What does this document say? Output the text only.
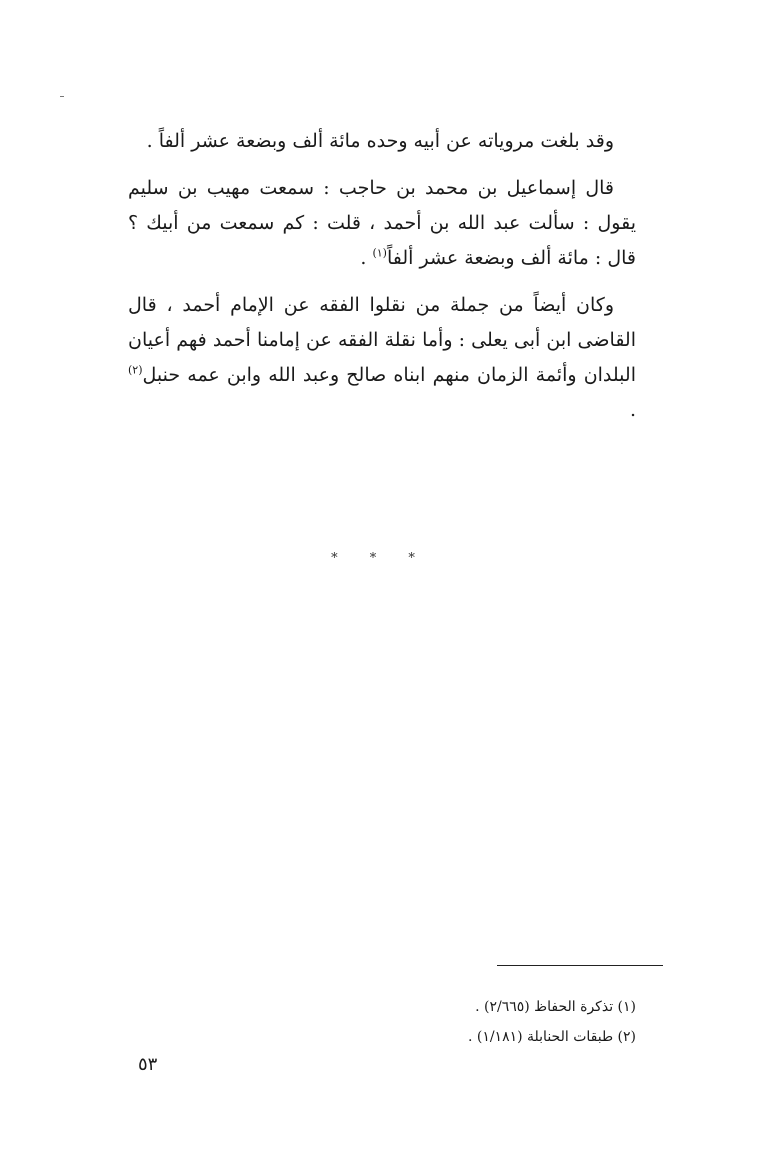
وقد بلغت مروياته عن أبيه وحده مائة ألف وبضعة عشر ألفاً .

قال إسماعيل بن محمد بن حاجب : سمعت مهيب بن سليم يقول : سألت عبد الله بن أحمد ، قلت : كم سمعت من أبيك ؟ قال : مائة ألف وبضعة عشر ألفاً$^{(١)}$ .

وكان أيضاً من جملة من نقلوا الفقه عن الإمام أحمد ، قال القاضى ابن أبى يعلى : وأما نقلة الفقه عن إمامنا أحمد فهم أعيان البلدان وأئمة الزمان منهم ابناه صالح وعبد الله وابن عمه حنبل$^{(٢)}$ .

* * *
(١) تذكرة الحفاظ (٢/٦٦٥) .
(٢) طبقات الحنابلة (١/١٨١) .
٥٣
